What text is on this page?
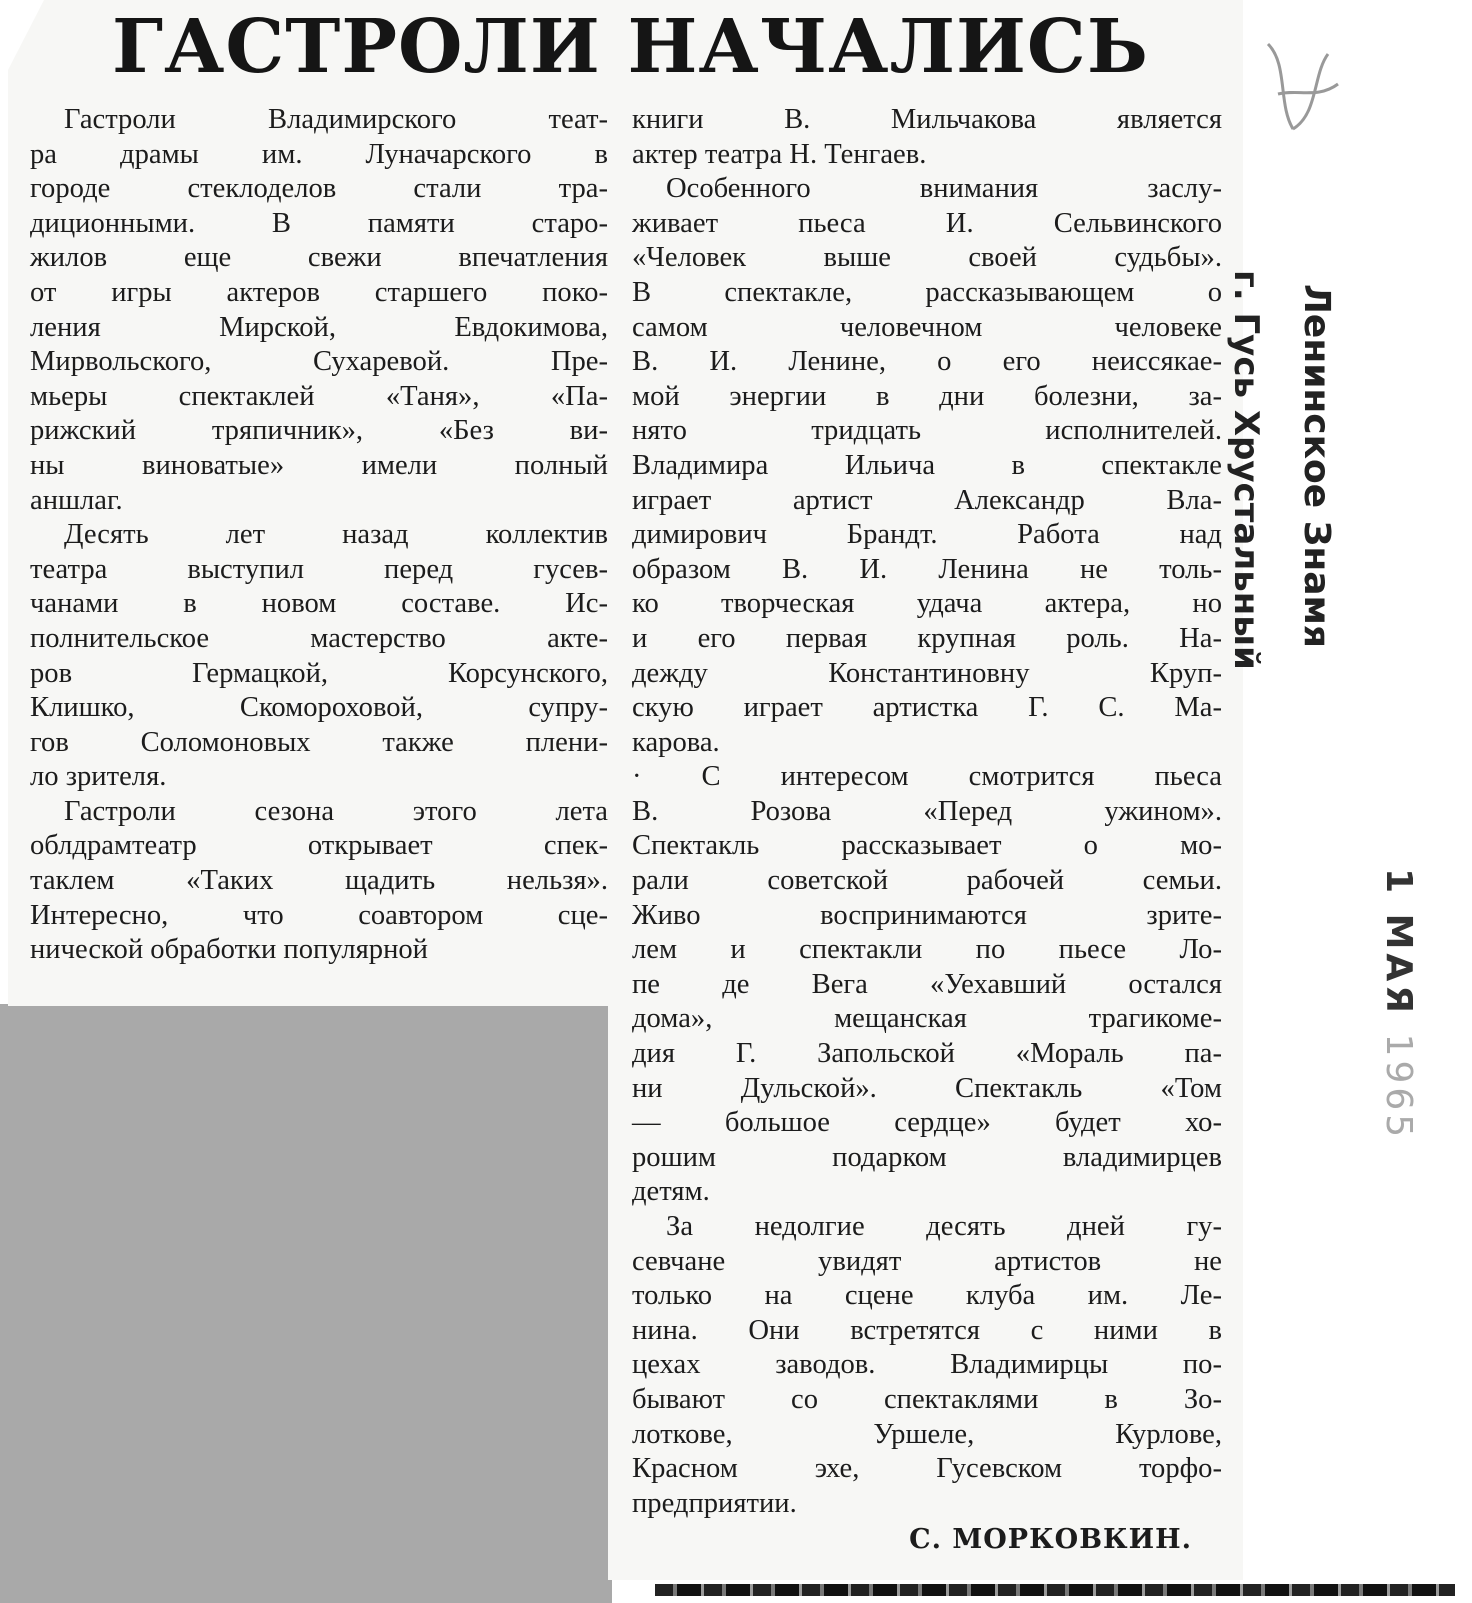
ГАСТРОЛИ НАЧАЛИСЬ
Гастроли Владимирского теат-
ра драмы им. Луначарского в
городе стеклоделов стали тра-
диционными. В памяти старо-
жилов еще свежи впечатления
от игры актеров старшего поко-
ления Мирской, Евдокимова,
Мирвольского, Сухаревой. Пре-
мьеры спектаклей «Таня», «Па-
рижский тряпичник», «Без ви-
ны виноватые» имели полный
аншлаг.
Десять лет назад коллектив
театра выступил перед гусев-
чанами в новом составе. Ис-
полнительское мастерство акте-
ров Гермацкой, Корсунского,
Клишко, Скомороховой, супру-
гов Соломоновых также плени-
ло зрителя.
Гастроли сезона этого лета
облдрамтеатр открывает спек-
таклем «Таких щадить нельзя».
Интересно, что соавтором сце-
нической обработки популярной
книги В. Мильчакова является
актер театра Н. Тенгаев.
Особенного внимания заслу-
живает пьеса И. Сельвинского
«Человек выше своей судьбы».
В спектакле, рассказывающем о
самом человечном человеке
В. И. Ленине, о его неиссякае-
мой энергии в дни болезни, за-
нято тридцать исполнителей.
Владимира Ильича в спектакле
играет артист Александр Вла-
димирович Брандт. Работа над
образом В. И. Ленина не толь-
ко творческая удача актера, но
и его первая крупная роль. На-
дежду Константиновну Круп-
скую играет артистка Г. С. Ма-
карова.
· С интересом смотрится пьеса
В. Розова «Перед ужином».
Спектакль рассказывает о мо-
рали советской рабочей семьи.
Живо воспринимаются зрите-
лем и спектакли по пьесе Ло-
пе де Вега «Уехавший остался
дома», мещанская трагикоме-
дия Г. Запольской «Мораль па-
ни Дульской». Спектакль «Том
— большое сердце» будет хо-
рошим подарком владимирцев
детям.
За недолгие десять дней гу-
севчане увидят артистов не
только на сцене клуба им. Ле-
нина. Они встретятся с ними в
цехах заводов. Владимирцы по-
бывают со спектаклями в Зо-
лоткове, Уршеле, Курлове,
Красном эхе, Гусевском торфо-
предприятии.
С. МОРКОВКИН.
Ленинское Знамя
г. Гусь Хрустальный
1 МАЯ 1965
